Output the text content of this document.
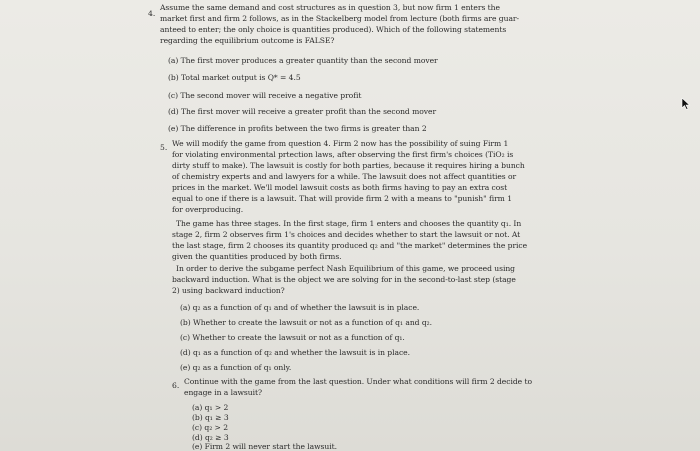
4.

Assume the same demand and cost structures as in question 3, but now firm 1 enters the

market first and firm 2 follows, as in the Stackelberg model from lecture (both firms are guar-

anteed to enter; the only choice is quantities produced). Which of the following statements

regarding the equilibrium outcome is FALSE?

(a) The first mover produces a greater quantity than the second mover

(b) Total market output is Q* = 4.5

(c) The second mover will receive a negative profit

(d) The first mover will receive a greater profit than the second mover

(e) The difference in profits between the two firms is greater than 2

5. We will modify the game from question 4. Firm 2 now has the possibility of suing Firm 1

for violating environmental prtection laws, after observing the first firm's choices (TiO₂ is

dirty stuff to make). The lawsuit is costly for both parties, because it requires hiring a bunch

of chemistry experts and and lawyers for a while. The lawsuit does not affect quantities or

prices in the market. We'll model lawsuit costs as both firms having to pay an extra cost

equal to one if there is a lawsuit. That will provide firm 2 with a means to "punish" firm 1

for overproducing.

The game has three stages. In the first stage, firm 1 enters and chooses the quantity q₁. In

stage 2, firm 2 observes firm 1's choices and decides whether to start the lawsuit or not. At

the last stage, firm 2 chooses its quantity produced q₂ and "the market" determines the price

given the quantities produced by both firms.

In order to derive the subgame perfect Nash Equilibrium of this game, we proceed using

backward induction. What is the object we are solving for in the second-to-last step (stage

2) using backward induction?

(a) q₂ as a function of q₁ and of whether the lawsuit is in place.

(b) Whether to create the lawsuit or not as a function of q₁ and q₂.

(c) Whether to create the lawsuit or not as a function of q₁.

(d) q₁ as a function of q₂ and whether the lawsuit is in place.

(e) q₂ as a function of q₁ only.

6. Continue with the game from the last question. Under what conditions will firm 2 decide to

engage in a lawsuit?

(a) q₁ > 2

(b) q₁ ≥ 3

(c) q₂ > 2

(d) q₂ ≥ 3

(e) Firm 2 will never start the lawsuit.
